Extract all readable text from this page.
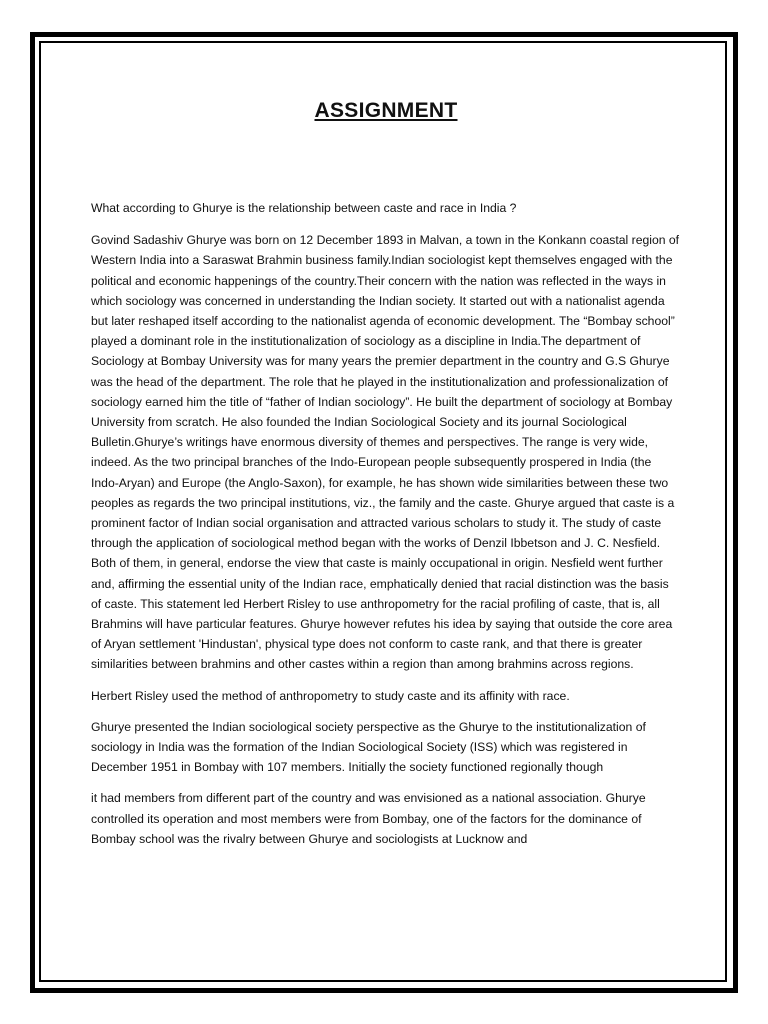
ASSIGNMENT

What according to Ghurye is the relationship between caste and race in India ?

Govind Sadashiv Ghurye was born on 12 December 1893 in Malvan, a town in the Konkann coastal region of Western India into a Saraswat Brahmin business family.Indian sociologist kept themselves engaged with the political and economic happenings of the country.Their concern with the nation was reflected in the ways in which sociology was concerned in understanding the Indian society. It started out with a nationalist agenda but later reshaped itself according to the nationalist agenda of economic development. The “Bombay school” played a dominant role in the institutionalization of sociology as a discipline in India.The department of Sociology at Bombay University was for many years the premier department in the country and G.S Ghurye was the head of the department. The role that he played in the institutionalization and professionalization of sociology earned him the title of “father of Indian sociology”. He built the department of sociology at Bombay University from scratch. He also founded the Indian Sociological Society and its journal Sociological Bulletin.Ghurye’s writings have enormous diversity of themes and perspectives. The range is very wide, indeed. As the two principal branches of the Indo-European people subsequently prospered in India (the Indo-Aryan) and Europe (the Anglo-Saxon), for example, he has shown wide similarities between these two peoples as regards the two principal institutions, viz., the family and the caste. Ghurye argued that caste is a prominent factor of Indian social organisation and attracted various scholars to study it. The study of caste through the application of sociological method began with the works of Denzil Ibbetson and J. C. Nesfield. Both of them, in general, endorse the view that caste is mainly occupational in origin. Nesfield went further and, affirming the essential unity of the Indian race, emphatically denied that racial distinction was the basis of caste. This statement led Herbert Risley to use anthropometry for the racial profiling of caste, that is, all Brahmins will have particular features. Ghurye however refutes his idea by saying that outside the core area of Aryan settlement 'Hindustan', physical type does not conform to caste rank, and that there is greater similarities between brahmins and other castes within a region than among brahmins across regions.

Herbert Risley used the method of anthropometry to study caste and its affinity with race.

Ghurye presented the Indian sociological society perspective as the Ghurye to the institutionalization of sociology in India was the formation of the Indian Sociological Society (ISS) which was registered in December 1951 in Bombay with 107 members. Initially the society functioned regionally though

it had members from different part of the country and was envisioned as a national association. Ghurye controlled its operation and most members were from Bombay, one of the factors for the dominance of Bombay school was the rivalry between Ghurye and sociologists at Lucknow and
